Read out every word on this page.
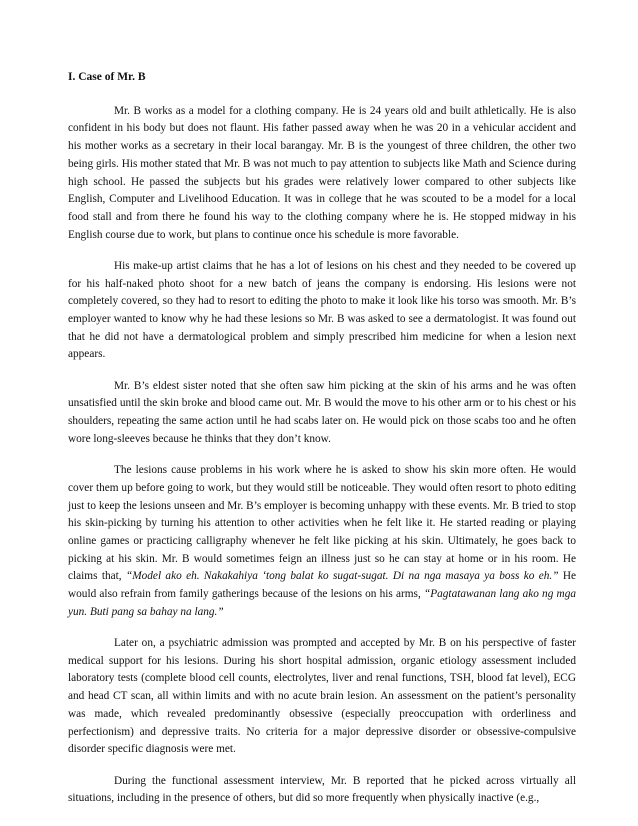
I. Case of Mr. B

Mr. B works as a model for a clothing company. He is 24 years old and built athletically. He is also confident in his body but does not flaunt. His father passed away when he was 20 in a vehicular accident and his mother works as a secretary in their local barangay. Mr. B is the youngest of three children, the other two being girls. His mother stated that Mr. B was not much to pay attention to subjects like Math and Science during high school. He passed the subjects but his grades were relatively lower compared to other subjects like English, Computer and Livelihood Education. It was in college that he was scouted to be a model for a local food stall and from there he found his way to the clothing company where he is. He stopped midway in his English course due to work, but plans to continue once his schedule is more favorable.

His make-up artist claims that he has a lot of lesions on his chest and they needed to be covered up for his half-naked photo shoot for a new batch of jeans the company is endorsing. His lesions were not completely covered, so they had to resort to editing the photo to make it look like his torso was smooth. Mr. B’s employer wanted to know why he had these lesions so Mr. B was asked to see a dermatologist. It was found out that he did not have a dermatological problem and simply prescribed him medicine for when a lesion next appears.

Mr. B’s eldest sister noted that she often saw him picking at the skin of his arms and he was often unsatisfied until the skin broke and blood came out. Mr. B would the move to his other arm or to his chest or his shoulders, repeating the same action until he had scabs later on. He would pick on those scabs too and he often wore long-sleeves because he thinks that they don’t know.

The lesions cause problems in his work where he is asked to show his skin more often. He would cover them up before going to work, but they would still be noticeable. They would often resort to photo editing just to keep the lesions unseen and Mr. B’s employer is becoming unhappy with these events. Mr. B tried to stop his skin-picking by turning his attention to other activities when he felt like it. He started reading or playing online games or practicing calligraphy whenever he felt like picking at his skin. Ultimately, he goes back to picking at his skin. Mr. B would sometimes feign an illness just so he can stay at home or in his room. He claims that, “Model ako eh. Nakakahiya ‘tong balat ko sugat-sugat. Di na nga masaya ya boss ko eh.” He would also refrain from family gatherings because of the lesions on his arms, “Pagtatawanan lang ako ng mga yun. Buti pang sa bahay na lang.”

Later on, a psychiatric admission was prompted and accepted by Mr. B on his perspective of faster medical support for his lesions. During his short hospital admission, organic etiology assessment included laboratory tests (complete blood cell counts, electrolytes, liver and renal functions, TSH, blood fat level), ECG and head CT scan, all within limits and with no acute brain lesion. An assessment on the patient’s personality was made, which revealed predominantly obsessive (especially preoccupation with orderliness and perfectionism) and depressive traits. No criteria for a major depressive disorder or obsessive-compulsive disorder specific diagnosis were met.

During the functional assessment interview, Mr. B reported that he picked across virtually all situations, including in the presence of others, but did so more frequently when physically inactive (e.g.,
